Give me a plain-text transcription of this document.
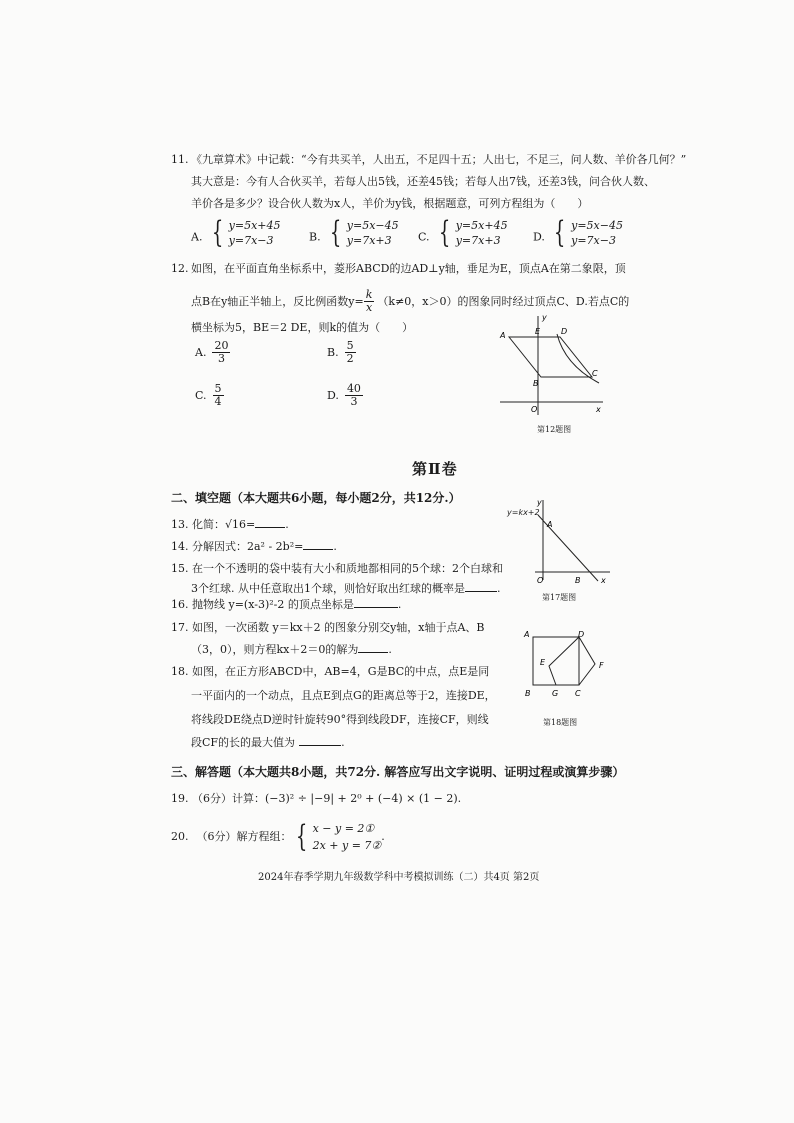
11. 《九章算术》中记载：“今有共买羊，人出五，不足四十五；人出七，不足三，问人数、羊价各几何？”
其大意是：今有人合伙买羊，若每人出5钱，还差45钱；若每人出7钱，还差3钱，问合伙人数、
羊价各是多少？设合伙人数为x人，羊价为y钱，根据题意，可列方程组为（　　）
A. { y=5x+45
y=7x−3	B. { y=5x−45
y=7x+3	C. { y=5x+45
y=7x+3	D. { y=5x−45
y=7x−3
12. 如图，在平面直角坐标系中，菱形ABCD的边AD⊥y轴，垂足为E，顶点A在第二象限，顶
点B在y轴正半轴上，反比例函数$y= \frac{k}{x} (k\ne 0$，x＞0）的图象同时经过顶点C、D.若点C的
横坐标为5，BE＝2 DE，则k的值为（　　）
A. $\frac{20}{3}$	B. $\frac{5}{2}$
C. $\frac{5}{4}$	D. $\frac{40}{3}$
A	E	D
B
C
O	x
y
第12题图
第Ⅱ卷
二、填空题（本大题共6小题，每小题2分，共12分.）
13. 化简：√16=	.
14. 分解因式：2a² - 2b²=	.
15. 在一个不透明的袋中装有大小和质地都相同的5个球：2个白球和
3个红球. 从中任意取出1个球，则恰好取出红球的概率是	.
16. 抛物线 y=(x-3)²-2 的顶点坐标是	.
17. 如图，一次函数 y＝kx＋2 的图象分别交y轴，x轴于点A、B
（3，0），则方程kx＋2＝0的解为	.
y
A
O	B	x
y=kx+2
第17题图
18. 如图，在正方形ABCD中，AB=4，G是BC的中点，点E是同
一平面内的一个动点，且点E到点G的距离总等于2，连接DE，
将线段DE绕点D逆时针旋转90°得到线段DF，连接CF，则线
段CF的长的最大值为	.
A	D
E	F
B	G C
第18题图
三、解答题（本大题共8小题，共72分. 解答应写出文字说明、证明过程或演算步骤）
19. （6分）计算：(−3)² ÷ |−9| + 2⁰ + (−4) × (1 − 2).
20. （6分）解方程组： { x − y = 2①
2x + y = 7②
.
2024年春季学期九年级数学科中考模拟训练（二）共4页 第2页
